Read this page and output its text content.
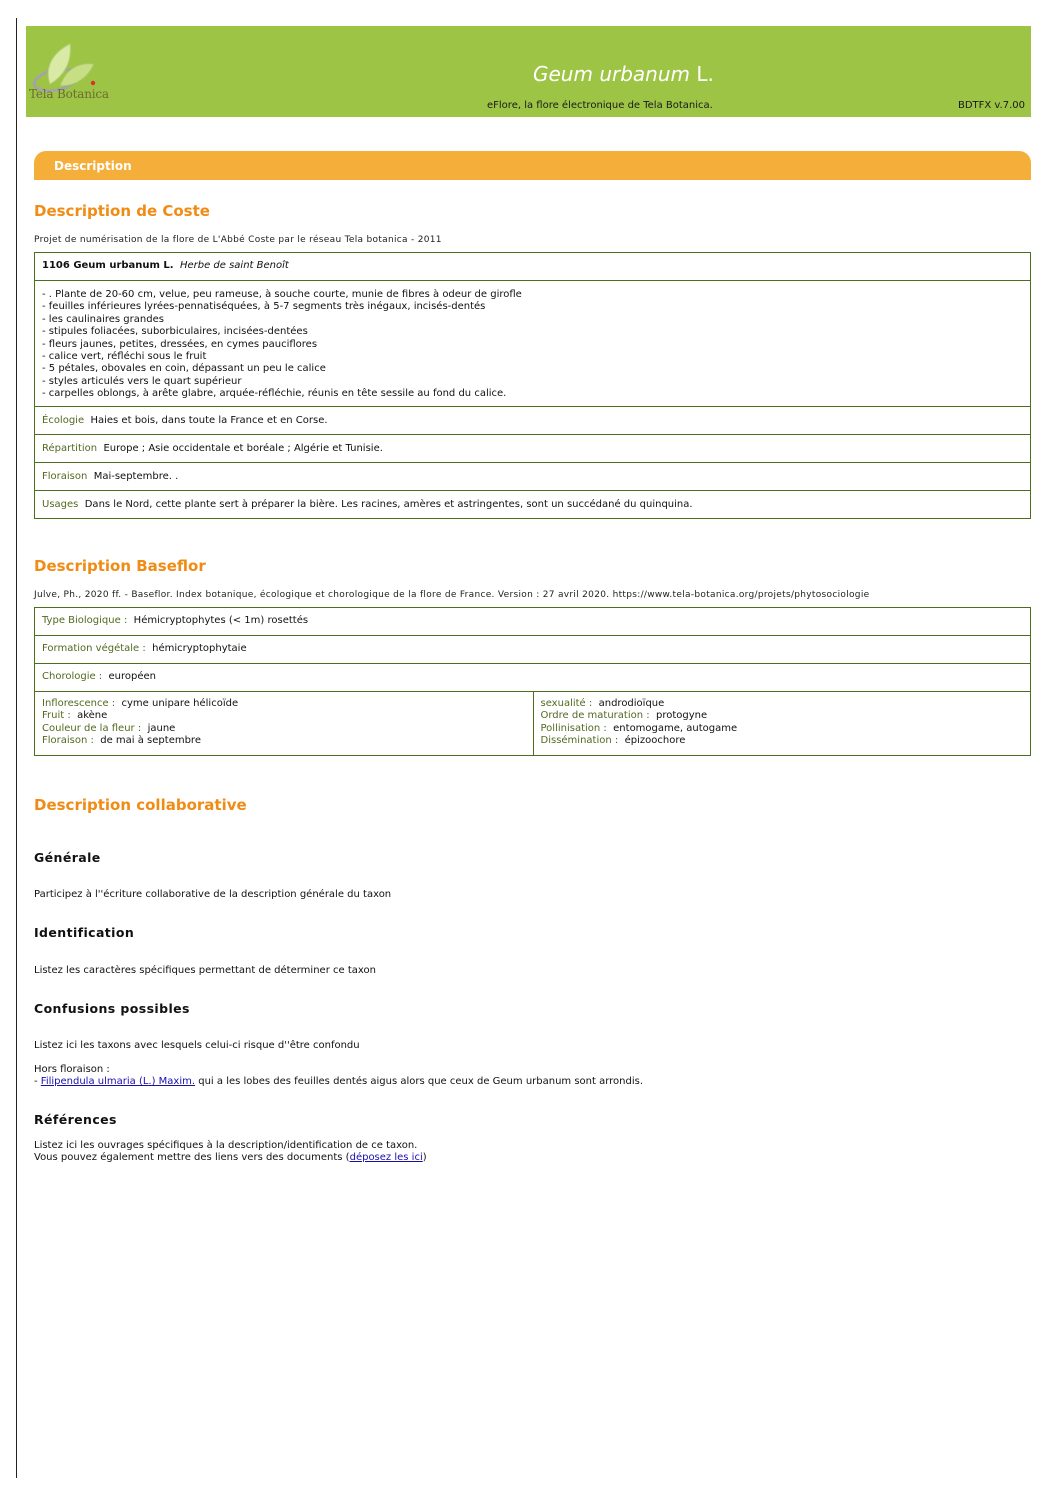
Tela Botanica
Geum urbanum L.
eFlore, la flore électronique de Tela Botanica.	BDTFX v.7.00
Description
Description de Coste
Projet de numérisation de la flore de L'Abbé Coste par le réseau Tela botanica - 2011
1106 Geum urbanum L. Herbe de saint Benoît
- . Plante de 20-60 cm, velue, peu rameuse, à souche courte, munie de fibres à odeur de girofle
- feuilles inférieures lyrées-pennatiséquées, à 5-7 segments très inégaux, incisés-dentés
- les caulinaires grandes
- stipules foliacées, suborbiculaires, incisées-dentées
- fleurs jaunes, petites, dressées, en cymes pauciflores
- calice vert, réfléchi sous le fruit
- 5 pétales, obovales en coin, dépassant un peu le calice
- styles articulés vers le quart supérieur
- carpelles oblongs, à arête glabre, arquée-réfléchie, réunis en tête sessile au fond du calice.
Écologie Haies et bois, dans toute la France et en Corse.
Répartition Europe ; Asie occidentale et boréale ; Algérie et Tunisie.
Floraison Mai-septembre. .
Usages Dans le Nord, cette plante sert à préparer la bière. Les racines, amères et astringentes, sont un succédané du quinquina.
Description Baseflor
Julve, Ph., 2020 ff. - Baseflor. Index botanique, écologique et chorologique de la flore de France. Version : 27 avril 2020. https://www.tela-botanica.org/projets/phytosociologie
Type Biologique : Hémicryptophytes (< 1m) rosettés
Formation végétale : hémicryptophytaie
Chorologie : européen
Inflorescence : cyme unipare hélicoïde
Fruit : akène
Couleur de la fleur : jaune
Floraison : de mai à septembre
sexualité : androdioïque
Ordre de maturation : protogyne
Pollinisation : entomogame, autogame
Dissémination : épizoochore
Description collaborative
Générale
Participez à l''écriture collaborative de la description générale du taxon
Identification
Listez les caractères spécifiques permettant de déterminer ce taxon
Confusions possibles
Listez ici les taxons avec lesquels celui-ci risque d''être confondu
Hors floraison :
- Filipendula ulmaria (L.) Maxim. qui a les lobes des feuilles dentés aigus alors que ceux de Geum urbanum sont arrondis.
Références
Listez ici les ouvrages spécifiques à la description/identification de ce taxon.
Vous pouvez également mettre des liens vers des documents (déposez les ici)
